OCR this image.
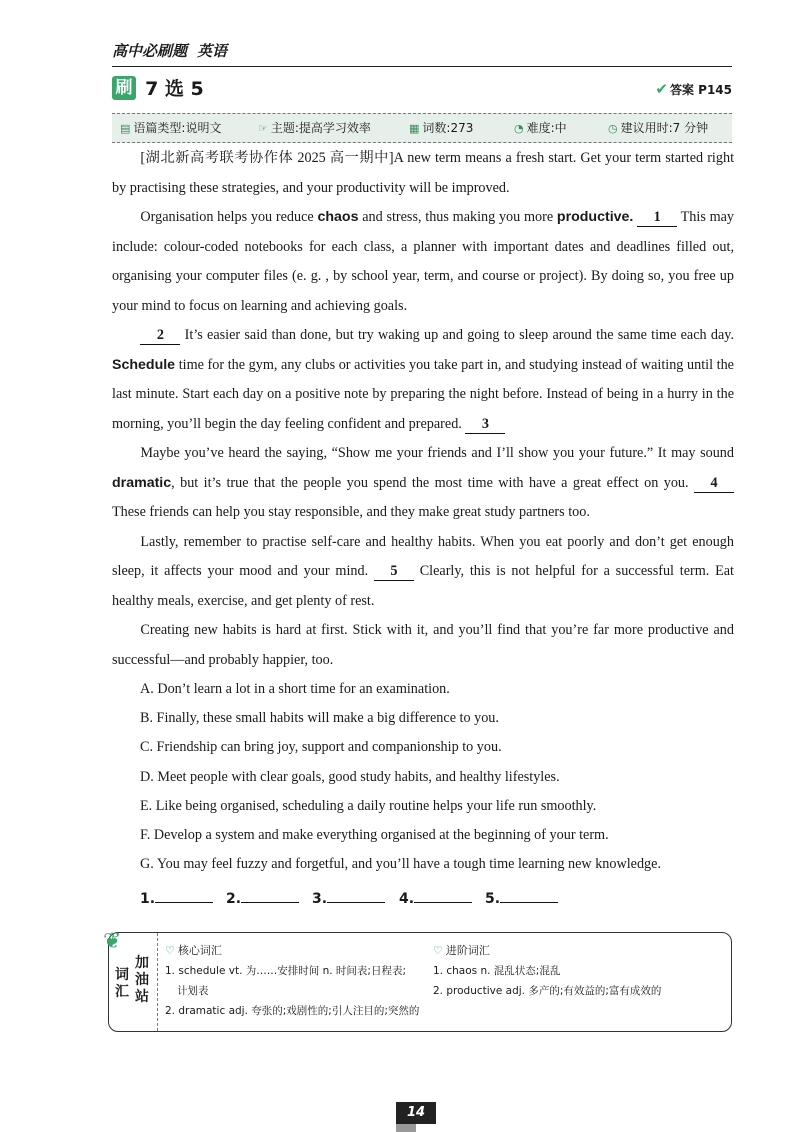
高中必刷题 英语
刷 7 选 5	✔ 答案 P145
▤ 语篇类型:说明文	☞ 主题:提高学习效率	▦ 词数:273	◔ 难度:中	◷ 建议用时:7 分钟

[湖北新高考联考协作体 2025 高一期中]A new term means a fresh start. Get your term started right by practising these strategies, and your productivity will be improved.

Organisation helps you reduce chaos and stress, thus making you more productive. 1 This may include: colour-coded notebooks for each class, a planner with important dates and deadlines filled out, organising your computer files (e. g. , by school year, term, and course or project). By doing so, you free up your mind to focus on learning and achieving goals.

2 It’s easier said than done, but try waking up and going to sleep around the same time each day. Schedule time for the gym, any clubs or activities you take part in, and studying instead of waiting until the last minute. Start each day on a positive note by preparing the night before. Instead of being in a hurry in the morning, you’ll begin the day feeling confident and prepared. 3

Maybe you’ve heard the saying, “Show me your friends and I’ll show you your future.” It may sound dramatic, but it’s true that the people you spend the most time with have a great effect on you. 4 These friends can help you stay responsible, and they make great study partners too.

Lastly, remember to practise self-care and healthy habits. When you eat poorly and don’t get enough sleep, it affects your mood and your mind. 5 Clearly, this is not helpful for a successful term. Eat healthy meals, exercise, and get plenty of rest.

Creating new habits is hard at first. Stick with it, and you’ll find that you’re far more productive and successful—and probably happier, too.

A. Don’t learn a lot in a short time for an examination.
B. Finally, these small habits will make a big difference to you.
C. Friendship can bring joy, support and companionship to you.
D. Meet people with clear goals, good study habits, and healthy lifestyles.
E. Like being organised, scheduling a daily routine helps your life run smoothly.
F. Develop a system and make everything organised at the beginning of your term.
G. You may feel fuzzy and forgetful, and you’ll have a tough time learning new knowledge.
1.	2.	3.	4.	5.
❦
词汇
加油站
♡ 核心词汇
1. schedule vt. 为……安排时间 n. 时间表;日程表;
计划表
2. dramatic adj. 夸张的;戏剧性的;引人注目的;突然的
♡ 进阶词汇
1. chaos n. 混乱状态;混乱
2. productive adj. 多产的;有效益的;富有成效的
14
